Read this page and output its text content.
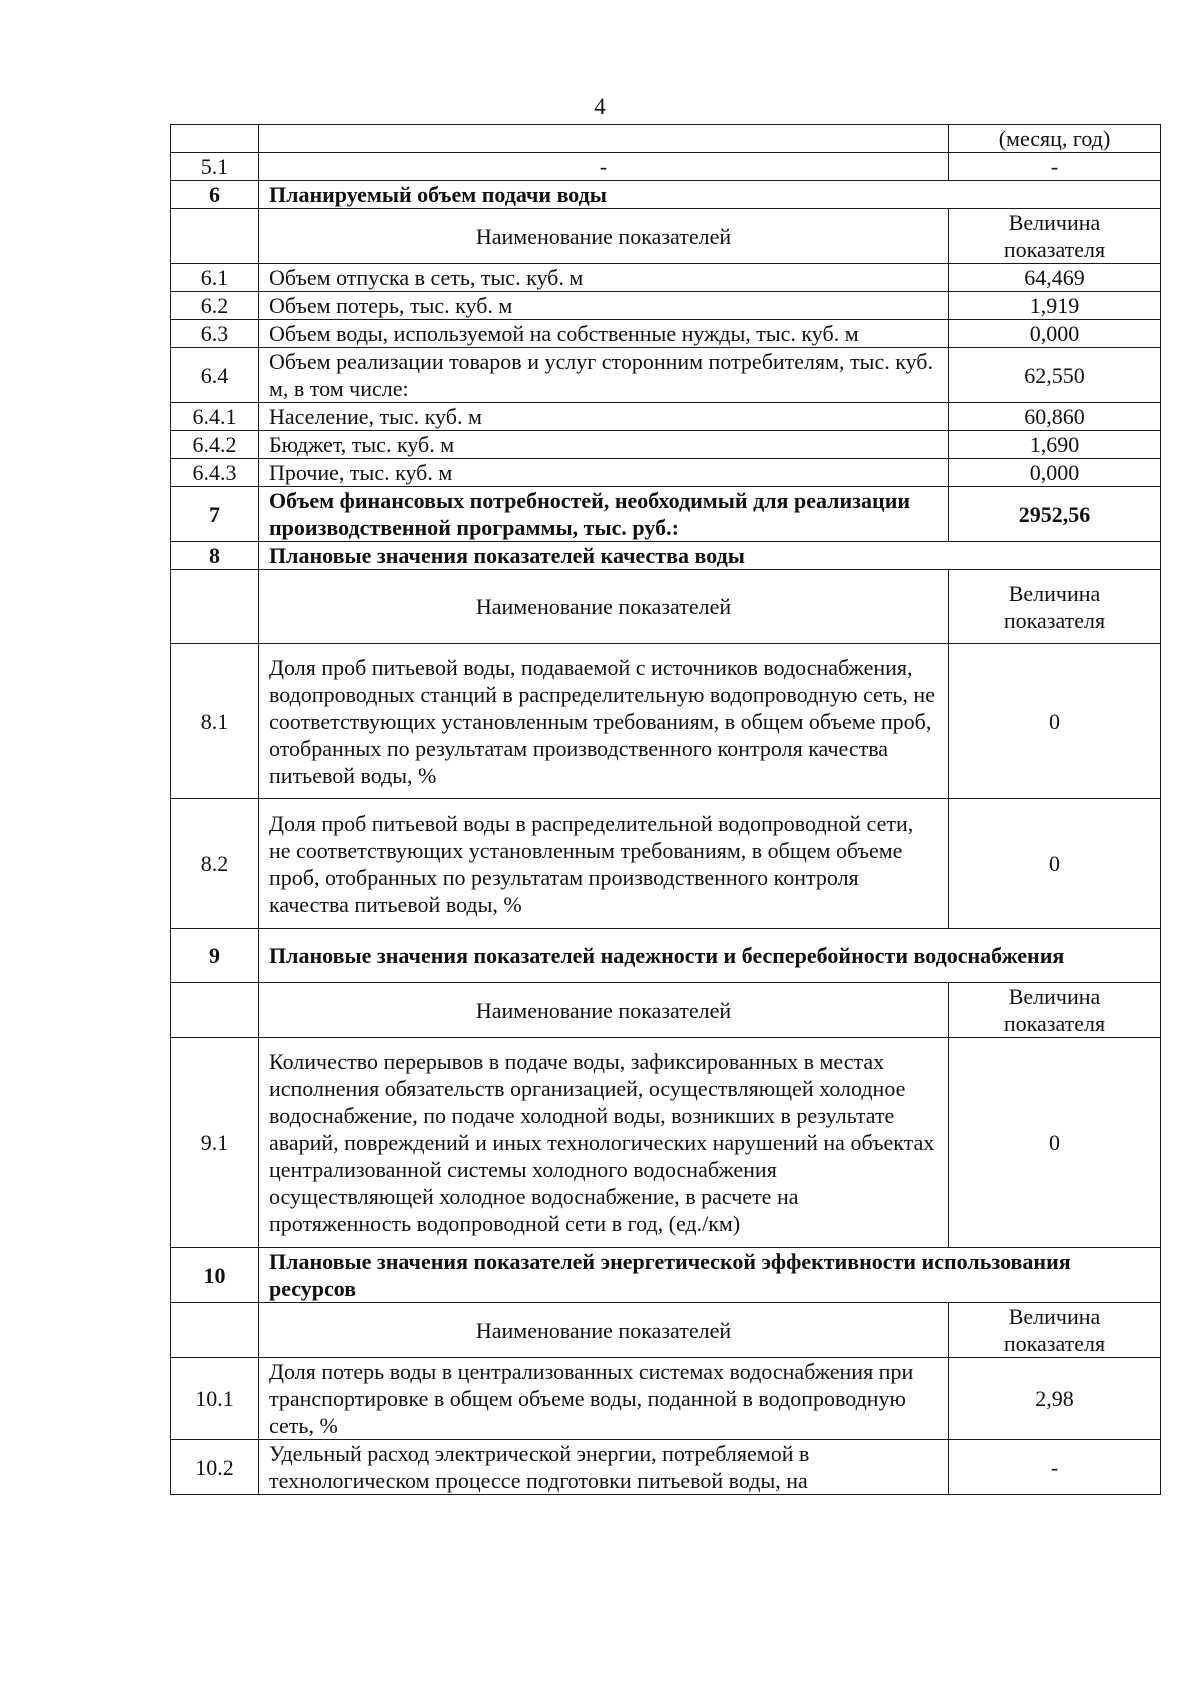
4
		(месяц, год)
5.1	-	-
6	Планируемый объем подачи воды	
	Наименование показателей	Величина показателя
6.1	Объем отпуска в сеть, тыс. куб. м	64,469
6.2	Объем потерь, тыс. куб. м	1,919
6.3	Объем воды, используемой на собственные нужды, тыс. куб. м	0,000
6.4	Объем реализации товаров и услуг сторонним потребителям, тыс. куб. м, в том числе:	62,550
6.4.1	Население, тыс. куб. м	60,860
6.4.2	Бюджет, тыс. куб. м	1,690
6.4.3	Прочие, тыс. куб. м	0,000
7	Объем финансовых потребностей, необходимый для реализации производственной программы, тыс. руб.:	2952,56
8	Плановые значения показателей качества воды	
	Наименование показателей	Величина показателя
8.1	Доля проб питьевой воды, подаваемой с источников водоснабжения, водопроводных станций в распределительную водопроводную сеть, не соответствующих установленным требованиям, в общем объеме проб, отобранных по результатам производственного контроля качества питьевой воды, %	0
8.2	Доля проб питьевой воды в распределительной водопроводной сети, не соответствующих установленным требованиям, в общем объеме проб, отобранных по результатам производственного контроля качества питьевой воды, %	0
9	Плановые значения показателей надежности и бесперебойности водоснабжения	
	Наименование показателей	Величина показателя
9.1	Количество перерывов в подаче воды, зафиксированных в местах исполнения обязательств организацией, осуществляющей холодное водоснабжение, по подаче холодной воды, возникших в результате аварий, повреждений и иных технологических нарушений на объектах централизованной системы холодного водоснабжения осуществляющей холодное водоснабжение, в расчете на протяженность водопроводной сети в год, (ед./км)	0
10	Плановые значения показателей энергетической эффективности использования ресурсов	
	Наименование показателей	Величина показателя
10.1	Доля потерь воды в централизованных системах водоснабжения при транспортировке в общем объеме воды, поданной в водопроводную сеть, %	2,98
10.2	Удельный расход электрической энергии, потребляемой в технологическом процессе подготовки питьевой воды, на	-
